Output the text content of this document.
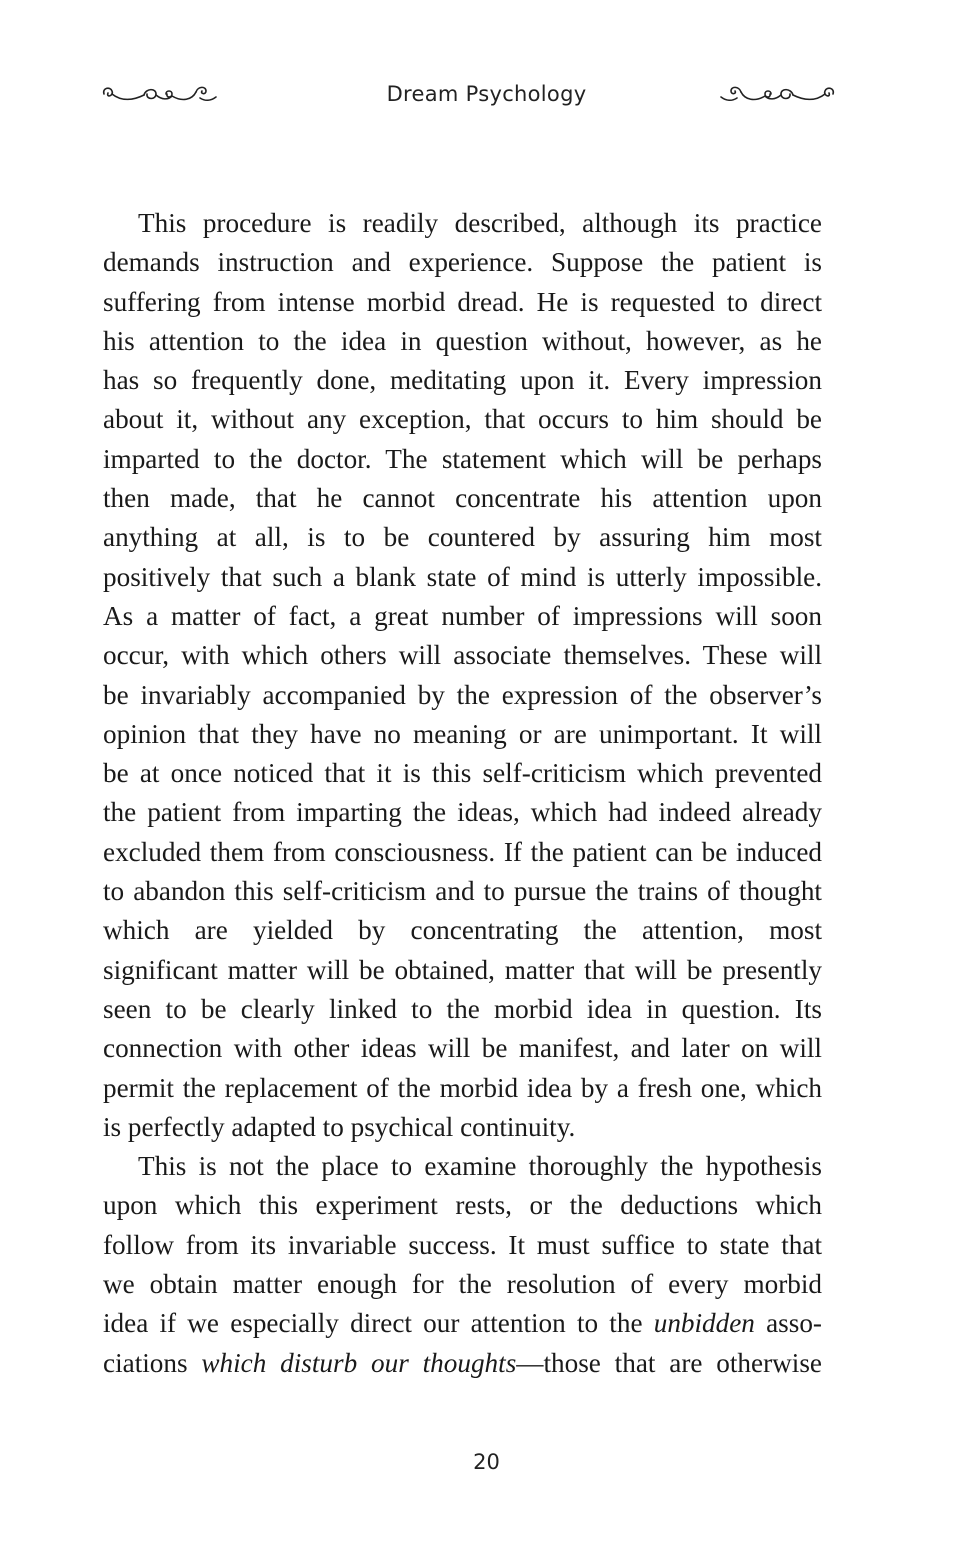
Dream Psychology

This procedure is readily described, although its practice
demands instruction and experience. Suppose the patient is
suffering from intense morbid dread. He is requested to direct
his attention to the idea in question without, however, as he
has so frequently done, meditating upon it. Every impression
about it, without any exception, that occurs to him should be
imparted to the doctor. The statement which will be perhaps
then made, that he cannot concentrate his attention upon
anything at all, is to be countered by assuring him most
positively that such a blank state of mind is utterly impossible.
As a matter of fact, a great number of impressions will soon
occur, with which others will associate themselves. These will
be invariably accompanied by the expression of the observer’s
opinion that they have no meaning or are unimportant. It will
be at once noticed that it is this self-criticism which prevented
the patient from imparting the ideas, which had indeed already
excluded them from consciousness. If the patient can be induced
to abandon this self-criticism and to pursue the trains of thought
which are yielded by concentrating the attention, most
significant matter will be obtained, matter that will be presently
seen to be clearly linked to the morbid idea in question. Its
connection with other ideas will be manifest, and later on will
permit the replacement of the morbid idea by a fresh one, which
is perfectly adapted to psychical continuity.

This is not the place to examine thoroughly the hypothesis
upon which this experiment rests, or the deductions which
follow from its invariable success. It must suffice to state that
we obtain matter enough for the resolution of every morbid
idea if we especially direct our attention to the unbidden asso-
ciations which disturb our thoughts—those that are otherwise

20
